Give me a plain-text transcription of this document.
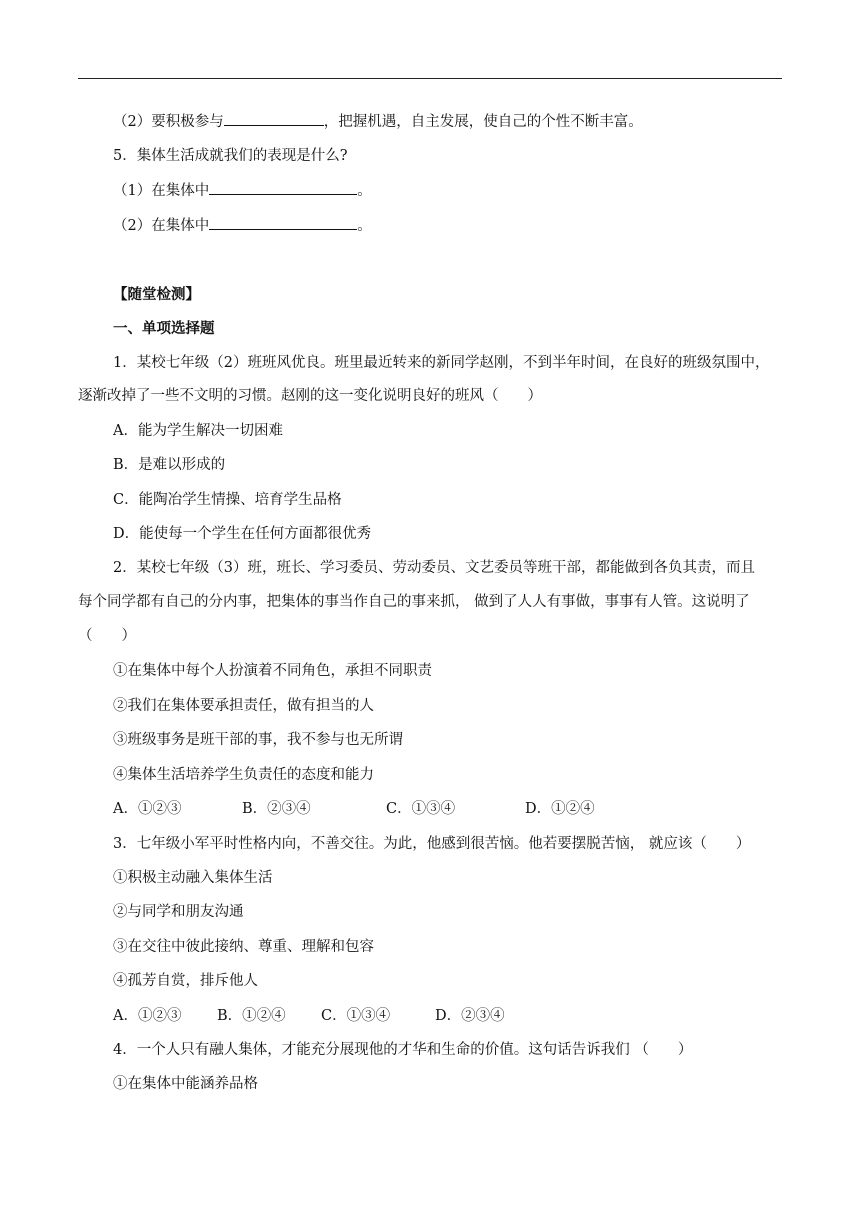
（2）要积极参与	，把握机遇，自主发展，使自己的个性不断丰富。
5．集体生活成就我们的表现是什么?
（1）在集体中	。
（2）在集体中	。
【随堂检测】
一、单项选择题
1．某校七年级（2）班班风优良。班里最近转来的新同学赵刚，不到半年时间，在良好的班级氛围中，
逐渐改掉了一些不文明的习惯。赵刚的这一变化说明良好的班风（　　）
A．能为学生解决一切困难
B．是难以形成的
C．能陶冶学生情操、培育学生品格
D．能使每一个学生在任何方面都很优秀
2．某校七年级（3）班，班长、学习委员、劳动委员、文艺委员等班干部，都能做到各负其责，而且
每个同学都有自己的分内事，把集体的事当作自己的事来抓， 做到了人人有事做，事事有人管。这说明了
（　　）
①在集体中每个人扮演着不同角色，承担不同职责
②我们在集体要承担责任，做有担当的人
③班级事务是班干部的事，我不参与也无所谓
④集体生活培养学生负责任的态度和能力
A．①②③	B．②③④	C．①③④	D．①②④
3．七年级小军平时性格内向，不善交往。为此，他感到很苦恼。他若要摆脱苦恼， 就应该（　　）
①积极主动融入集体生活
②与同学和朋友沟通
③在交往中彼此接纳、尊重、理解和包容
④孤芳自赏，排斥他人
A．①②③ B．①②④ C．①③④	D．②③④
4．一个人只有融人集体，才能充分展现他的才华和生命的价值。这句话告诉我们 （　　）
①在集体中能涵养品格
